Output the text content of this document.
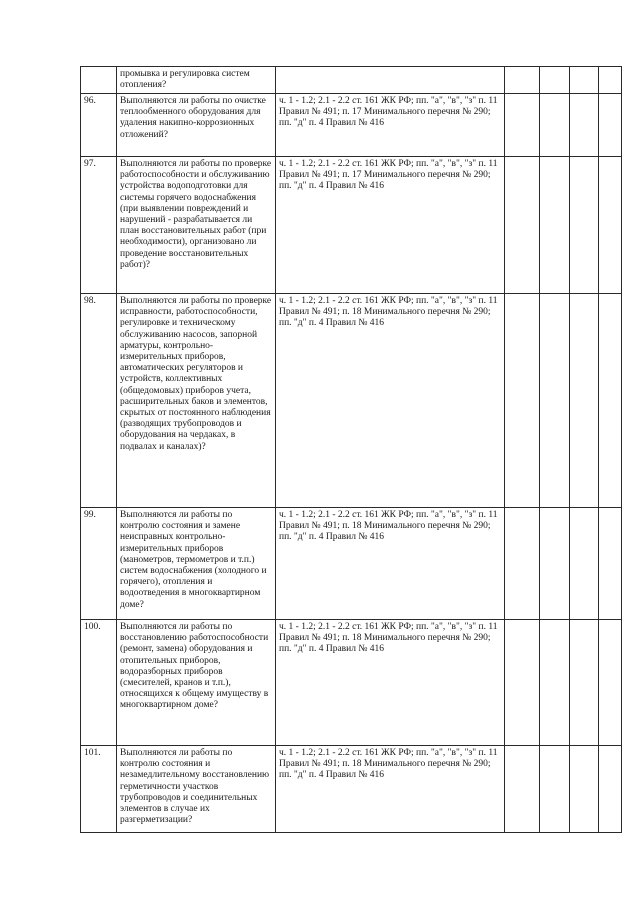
	промывка и регулировка систем отопления?					
96.	Выполняются ли работы по очистке теплообменного оборудования для удаления накипно-коррозионных отложений?	ч. 1 - 1.2; 2.1 - 2.2 ст. 161 ЖК РФ; пп. "а", "в", "з" п. 11 Правил № 491; п. 17 Минимального перечня № 290; пп. "д" п. 4 Правил № 416				
97.	Выполняются ли работы по проверке работоспособности и обслуживанию устройства водоподготовки для системы горячего водоснабжения (при выявлении повреждений и нарушений - разрабатывается ли план восстановительных работ (при необходимости), организовано ли проведение восстановительных работ)?	ч. 1 - 1.2; 2.1 - 2.2 ст. 161 ЖК РФ; пп. "а", "в", "з" п. 11 Правил № 491; п. 17 Минимального перечня № 290; пп. "д" п. 4 Правил № 416				
98.	Выполняются ли работы по проверке исправности, работоспособности, регулировке и техническому обслуживанию насосов, запорной арматуры, контрольно-измерительных приборов, автоматических регуляторов и устройств, коллективных (общедомовых) приборов учета, расширительных баков и элементов, скрытых от постоянного наблюдения (разводящих трубопроводов и оборудования на чердаках, в подвалах и каналах)?	ч. 1 - 1.2; 2.1 - 2.2 ст. 161 ЖК РФ; пп. "а", "в", "з" п. 11 Правил № 491; п. 18 Минимального перечня № 290; пп. "д" п. 4 Правил № 416				
99.	Выполняются ли работы по контролю состояния и замене неисправных контрольно-измерительных приборов (манометров, термометров и т.п.) систем водоснабжения (холодного и горячего), отопления и водоотведения в многоквартирном доме?	ч. 1 - 1.2; 2.1 - 2.2 ст. 161 ЖК РФ; пп. "а", "в", "з" п. 11 Правил № 491; п. 18 Минимального перечня № 290; пп. "д" п. 4 Правил № 416				
100.	Выполняются ли работы по восстановлению работоспособности (ремонт, замена) оборудования и отопительных приборов, водоразборных приборов (смесителей, кранов и т.п.), относящихся к общему имуществу в многоквартирном доме?	ч. 1 - 1.2; 2.1 - 2.2 ст. 161 ЖК РФ; пп. "а", "в", "з" п. 11 Правил № 491; п. 18 Минимального перечня № 290; пп. "д" п. 4 Правил № 416				
101.	Выполняются ли работы по контролю состояния и незамедлительному восстановлению герметичности участков трубопроводов и соединительных элементов в случае их разгерметизации?	ч. 1 - 1.2; 2.1 - 2.2 ст. 161 ЖК РФ; пп. "а", "в", "з" п. 11 Правил № 491; п. 18 Минимального перечня № 290; пп. "д" п. 4 Правил № 416				
